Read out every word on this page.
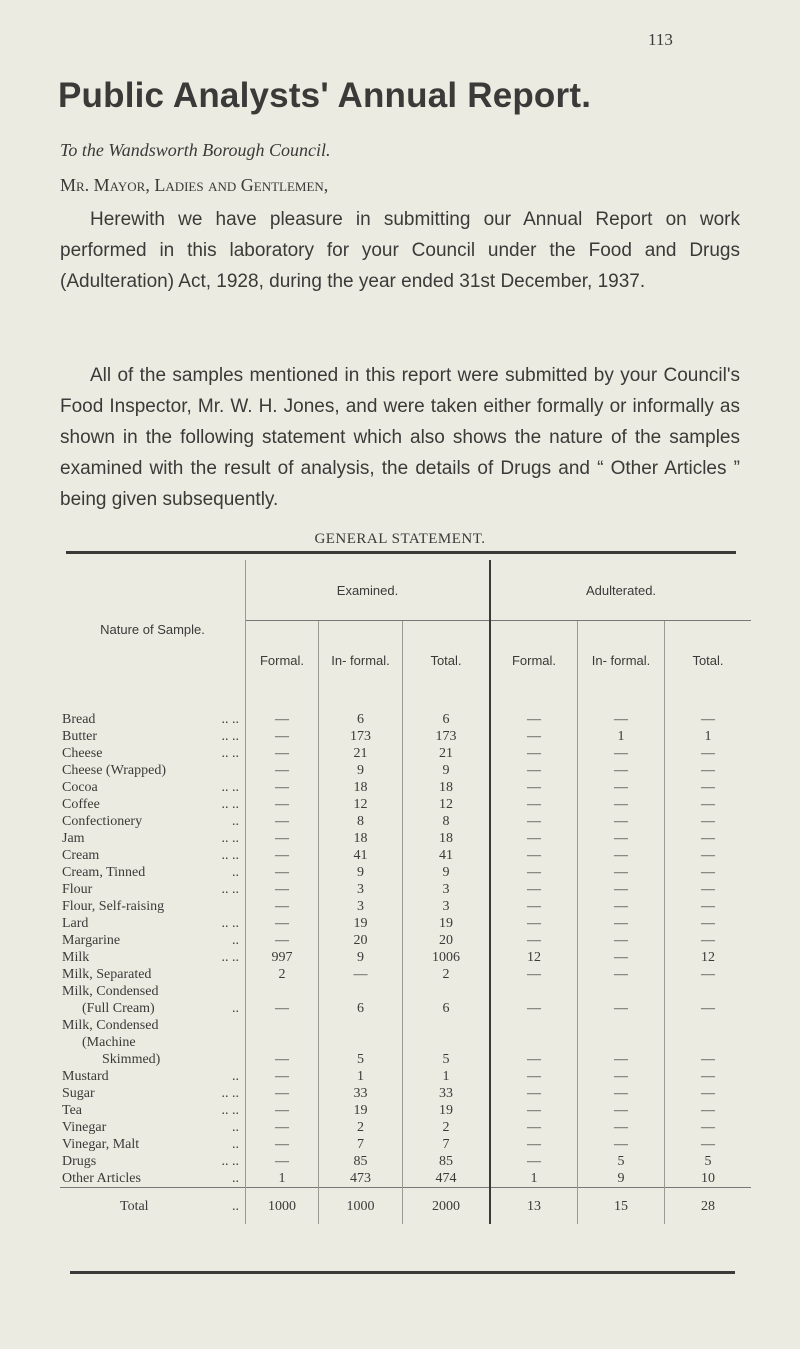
113
Public Analysts' Annual Report.
To the Wandsworth Borough Council.
Mr. Mayor, Ladies and Gentlemen,
Herewith we have pleasure in submitting our Annual Report on work performed in this laboratory for your Council under the Food and Drugs (Adulteration) Act, 1928, during the year ended 31st December, 1937.
All of the samples mentioned in this report were submitted by your Council's Food Inspector, Mr. W. H. Jones, and were taken either formally or informally as shown in the following statement which also shows the nature of the samples examined with the result of analysis, the details of Drugs and “ Other Articles ” being given subsequently.
GENERAL STATEMENT.
Nature of Sample.	Examined.			Adulterated.		
	Formal.	In- formal.	Total.	Formal.	In- formal.	Total.

Bread .. ..	—	6	6	—	—	—

Butter .. ..	—	173	173	—	1	1

Cheese .. ..	—	21	21	—	—	—

Cheese (Wrapped)	—	9	9	—	—	—

Cocoa .. ..	—	18	18	—	—	—

Coffee .. ..	—	12	12	—	—	—

Confectionery ..	—	8	8	—	—	—

Jam .. ..	—	18	18	—	—	—

Cream .. ..	—	41	41	—	—	—

Cream, Tinned ..	—	9	9	—	—	—

Flour .. ..	—	3	3	—	—	—

Flour, Self-raising	—	3	3	—	—	—

Lard .. ..	—	19	19	—	—	—

Margarine ..	—	20	20	—	—	—

Milk .. ..	997	9	1006	12	—	12

Milk, Separated	2	—	2	—	—	—

Milk, Condensed
(Full Cream) ..	—	6	6	—	—	—

Milk, Condensed
(Machine
Skimmed)	—	5	5	—	—	—

Mustard ..	—	1	1	—	—	—

Sugar .. ..	—	33	33	—	—	—

Tea .. ..	—	19	19	—	—	—

Vinegar ..	—	2	2	—	—	—

Vinegar, Malt ..	—	7	7	—	—	—

Drugs .. ..	—	85	85	—	5	5

Other Articles ..	1	473	474	1	9	10
Total ..	1000	1000	2000	13	15	28
